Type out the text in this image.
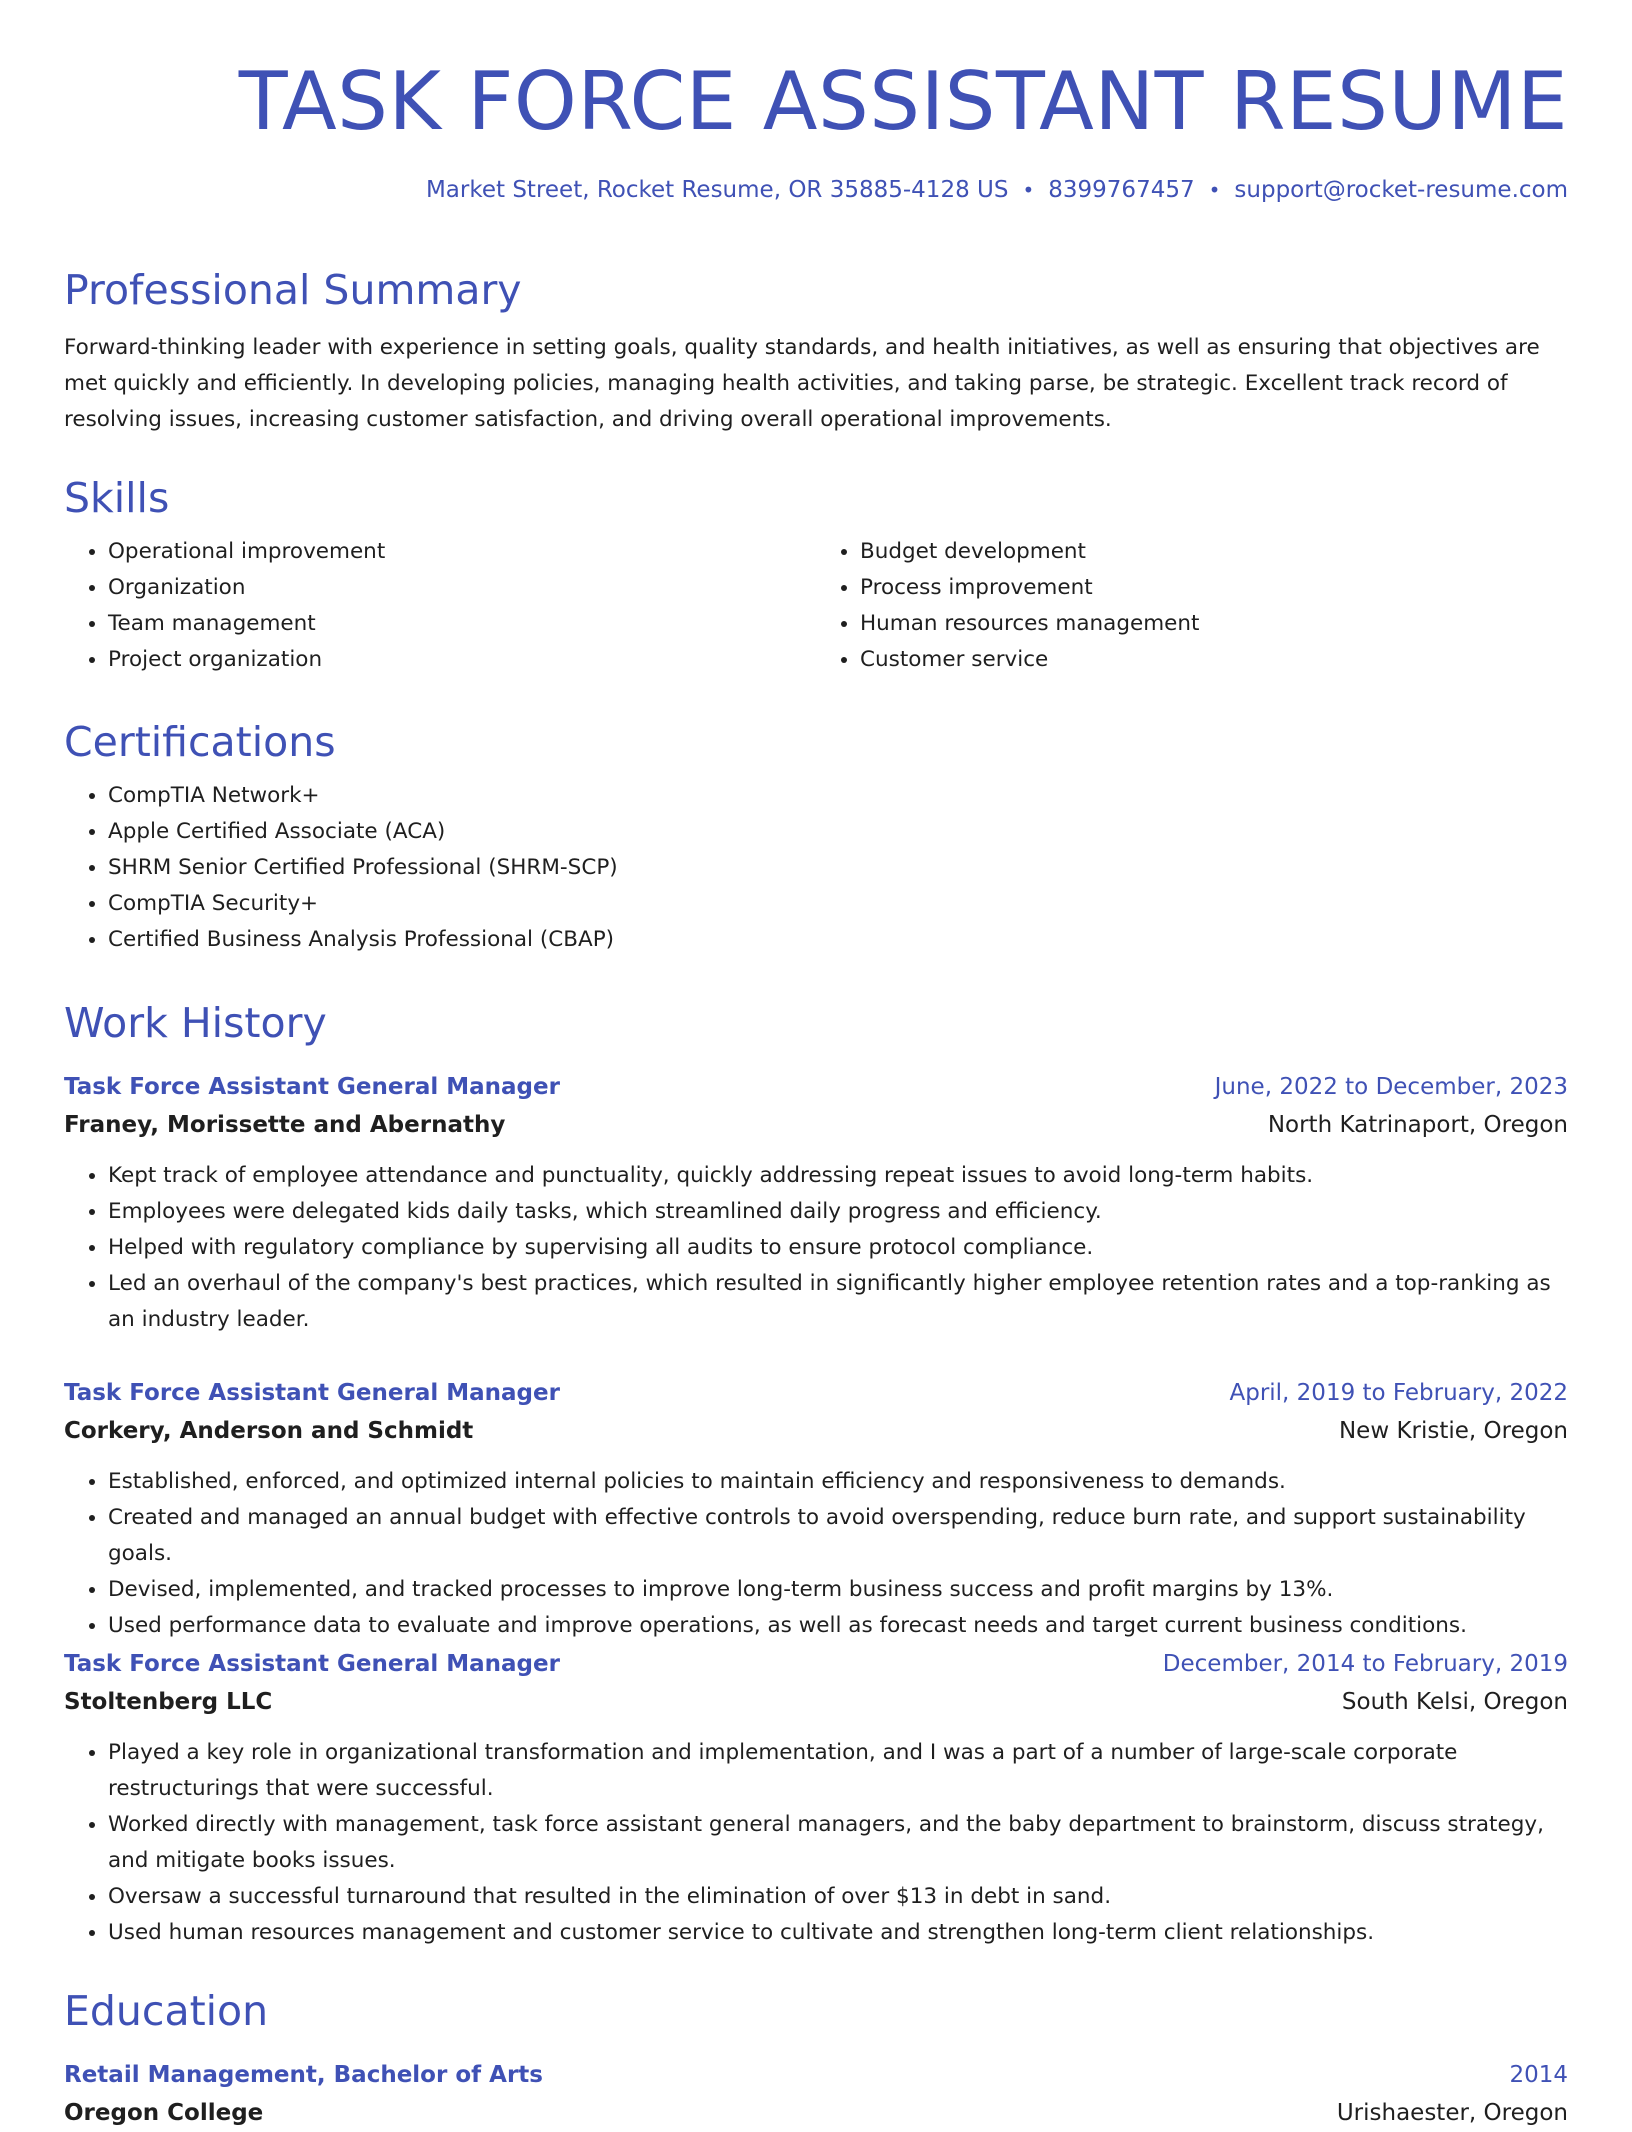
TASK FORCE ASSISTANT RESUME
Market Street, Rocket Resume, OR 35885-4128 US • 8399767457 • support@rocket-resume.com
Professional Summary

Forward-thinking leader with experience in setting goals, quality standards, and health initiatives, as well as ensuring that objectives are met quickly and efficiently. In developing policies, managing health activities, and taking parse, be strategic. Excellent track record of resolving issues, increasing customer satisfaction, and driving overall operational improvements.

Skills
• Operational improvement
• Organization
• Team management
• Project organization
• Budget development
• Process improvement
• Human resources management
• Customer service
Certifications
• CompTIA Network+
• Apple Certified Associate (ACA)
• SHRM Senior Certified Professional (SHRM-SCP)
• CompTIA Security+
• Certified Business Analysis Professional (CBAP)
Work History
Task Force Assistant General Manager	June, 2022 to December, 2023
Franey, Morissette and Abernathy	North Katrinaport, Oregon
• Kept track of employee attendance and punctuality, quickly addressing repeat issues to avoid long-term habits.
• Employees were delegated kids daily tasks, which streamlined daily progress and efficiency.
• Helped with regulatory compliance by supervising all audits to ensure protocol compliance.
• Led an overhaul of the company's best practices, which resulted in significantly higher employee retention rates and a top-ranking as an industry leader.
Task Force Assistant General Manager	April, 2019 to February, 2022
Corkery, Anderson and Schmidt	New Kristie, Oregon
• Established, enforced, and optimized internal policies to maintain efficiency and responsiveness to demands.
• Created and managed an annual budget with effective controls to avoid overspending, reduce burn rate, and support sustainability goals.
• Devised, implemented, and tracked processes to improve long-term business success and profit margins by 13%.
• Used performance data to evaluate and improve operations, as well as forecast needs and target current business conditions.
Task Force Assistant General Manager	December, 2014 to February, 2019
Stoltenberg LLC	South Kelsi, Oregon
• Played a key role in organizational transformation and implementation, and I was a part of a number of large-scale corporate restructurings that were successful.
• Worked directly with management, task force assistant general managers, and the baby department to brainstorm, discuss strategy, and mitigate books issues.
• Oversaw a successful turnaround that resulted in the elimination of over $13 in debt in sand.
• Used human resources management and customer service to cultivate and strengthen long-term client relationships.
Education
Retail Management, Bachelor of Arts	2014
Oregon College	Urishaester, Oregon
